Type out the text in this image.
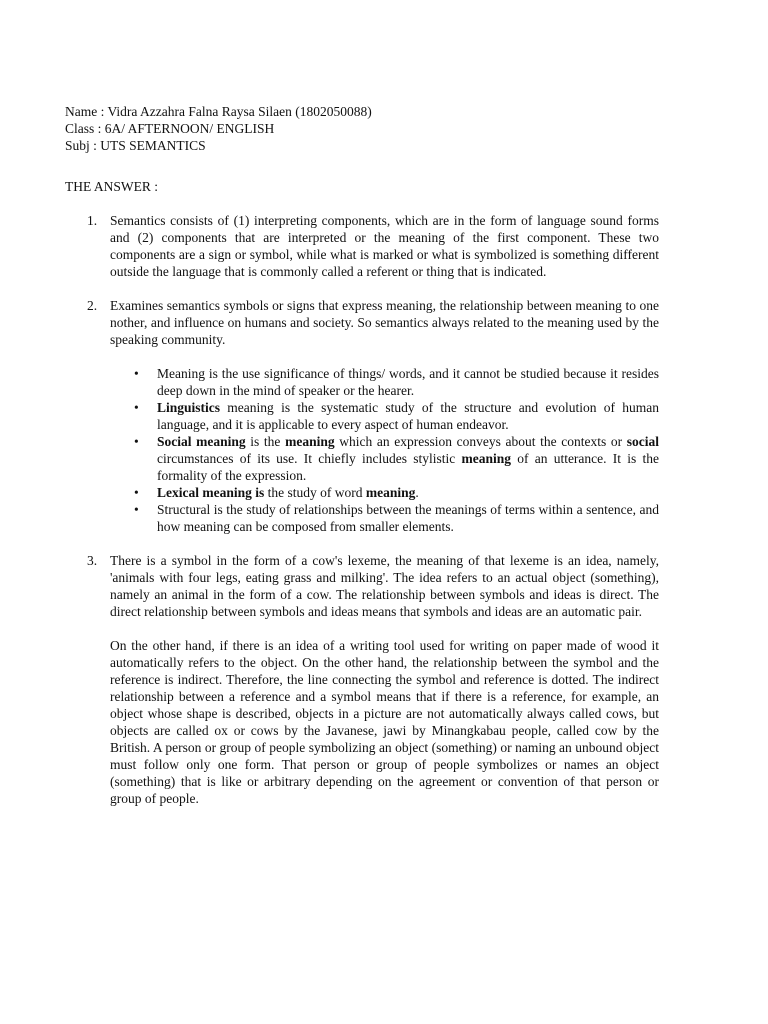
Name : Vidra Azzahra Falna Raysa Silaen (1802050088)

Class : 6A/ AFTERNOON/ ENGLISH

Subj : UTS SEMANTICS

THE ANSWER :

1. Semantics consists of (1) interpreting components, which are in the form of language sound forms and (2) components that are interpreted or the meaning of the first component. These two components are a sign or symbol, while what is marked or what is symbolized is something different outside the language that is commonly called a referent or thing that is indicated.

2. Examines semantics symbols or signs that express meaning, the relationship between meaning to one nother, and influence on humans and society. So semantics always related to the meaning used by the speaking community.

• Meaning is the use significance of things/ words, and it cannot be studied because it resides deep down in the mind of speaker or the hearer.
• Linguistics meaning is the systematic study of the structure and evolution of human language, and it is applicable to every aspect of human endeavor.
• Social meaning is the meaning which an expression conveys about the contexts or social circumstances of its use. It chiefly includes stylistic meaning of an utterance. It is the formality of the expression.
• Lexical meaning is the study of word meaning.
• Structural is the study of relationships between the meanings of terms within a sentence, and how meaning can be composed from smaller elements.
3. There is a symbol in the form of a cow's lexeme, the meaning of that lexeme is an idea, namely, 'animals with four legs, eating grass and milking'. The idea refers to an actual object (something), namely an animal in the form of a cow. The relationship between symbols and ideas is direct. The direct relationship between symbols and ideas means that symbols and ideas are an automatic pair.

On the other hand, if there is an idea of a writing tool used for writing on paper made of wood it automatically refers to the object. On the other hand, the relationship between the symbol and the reference is indirect. Therefore, the line connecting the symbol and reference is dotted. The indirect relationship between a reference and a symbol means that if there is a reference, for example, an object whose shape is described, objects in a picture are not automatically always called cows, but objects are called ox or cows by the Javanese, jawi by Minangkabau people, called cow by the British. A person or group of people symbolizing an object (something) or naming an unbound object must follow only one form. That person or group of people symbolizes or names an object (something) that is like or arbitrary depending on the agreement or convention of that person or group of people.
